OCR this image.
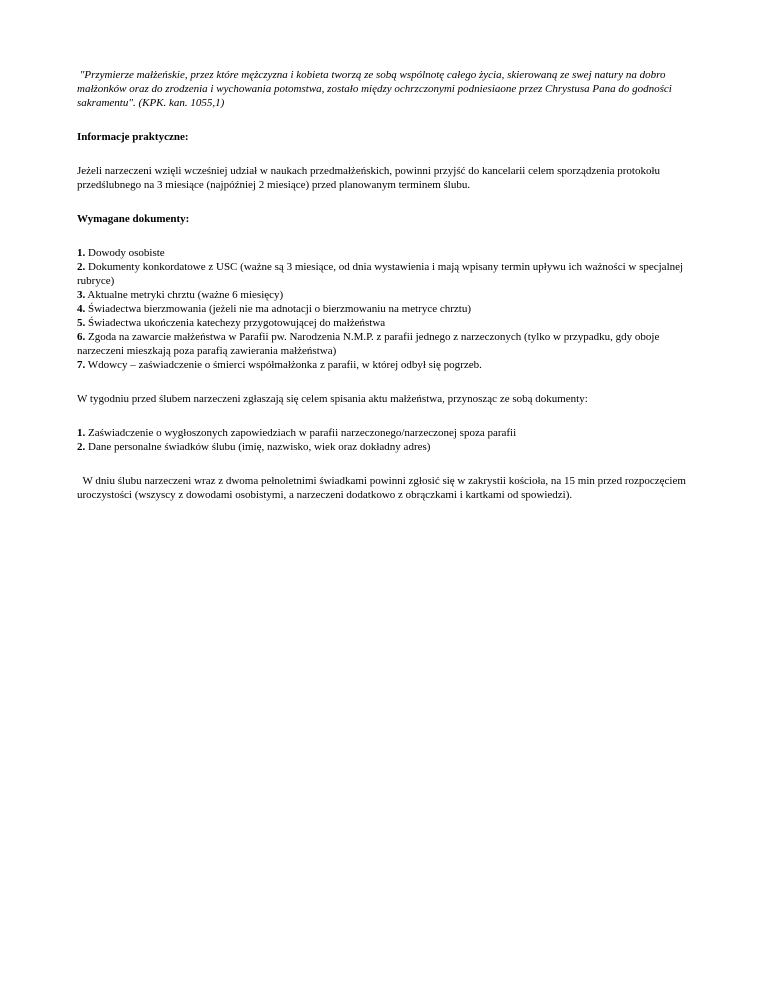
"Przymierze małżeńskie, przez które mężczyzna i kobieta tworzą ze sobą wspólnotę całego życia, skierowaną ze swej natury na dobro małżonków oraz do zrodzenia i wychowania potomstwa, zostało między ochrzczonymi podniesiaone przez Chrystusa Pana do godności sakramentu". (KPK. kan. 1055,1)

Informacje praktyczne:

Jeżeli narzeczeni wzięli wcześniej udział w naukach przedmałżeńskich, powinni przyjść do kancelarii celem sporządzenia protokołu przedślubnego na 3 miesiące (najpóźniej 2 miesiące) przed planowanym terminem ślubu.

Wymagane dokumenty:

1. Dowody osobiste
2. Dokumenty konkordatowe z USC (ważne są 3 miesiące, od dnia wystawienia i mają wpisany termin upływu ich ważności w specjalnej rubryce)
3. Aktualne metryki chrztu (ważne 6 miesięcy)
4. Świadectwa bierzmowania (jeżeli nie ma adnotacji o bierzmowaniu na metryce chrztu)
5. Świadectwa ukończenia katechezy przygotowującej do małżeństwa
6. Zgoda na zawarcie małżeństwa w Parafii pw. Narodzenia N.M.P. z parafii jednego z narzeczonych (tylko w przypadku, gdy oboje narzeczeni mieszkają poza parafią zawierania małżeństwa)
7. Wdowcy – zaświadczenie o śmierci współmałżonka z parafii, w której odbył się pogrzeb.

W tygodniu przed ślubem narzeczeni zgłaszają się celem spisania aktu małżeństwa, przynosząc ze sobą dokumenty:

1. Zaświadczenie o wygłoszonych zapowiedziach w parafii narzeczonego/narzeczonej spoza parafii
2. Dane personalne świadków ślubu (imię, nazwisko, wiek oraz dokładny adres)

W dniu ślubu narzeczeni wraz z dwoma pełnoletnimi świadkami powinni zgłosić się w zakrystii kościoła, na 15 min przed rozpoczęciem uroczystości (wszyscy z dowodami osobistymi, a narzeczeni dodatkowo z obrączkami i kartkami od spowiedzi).
